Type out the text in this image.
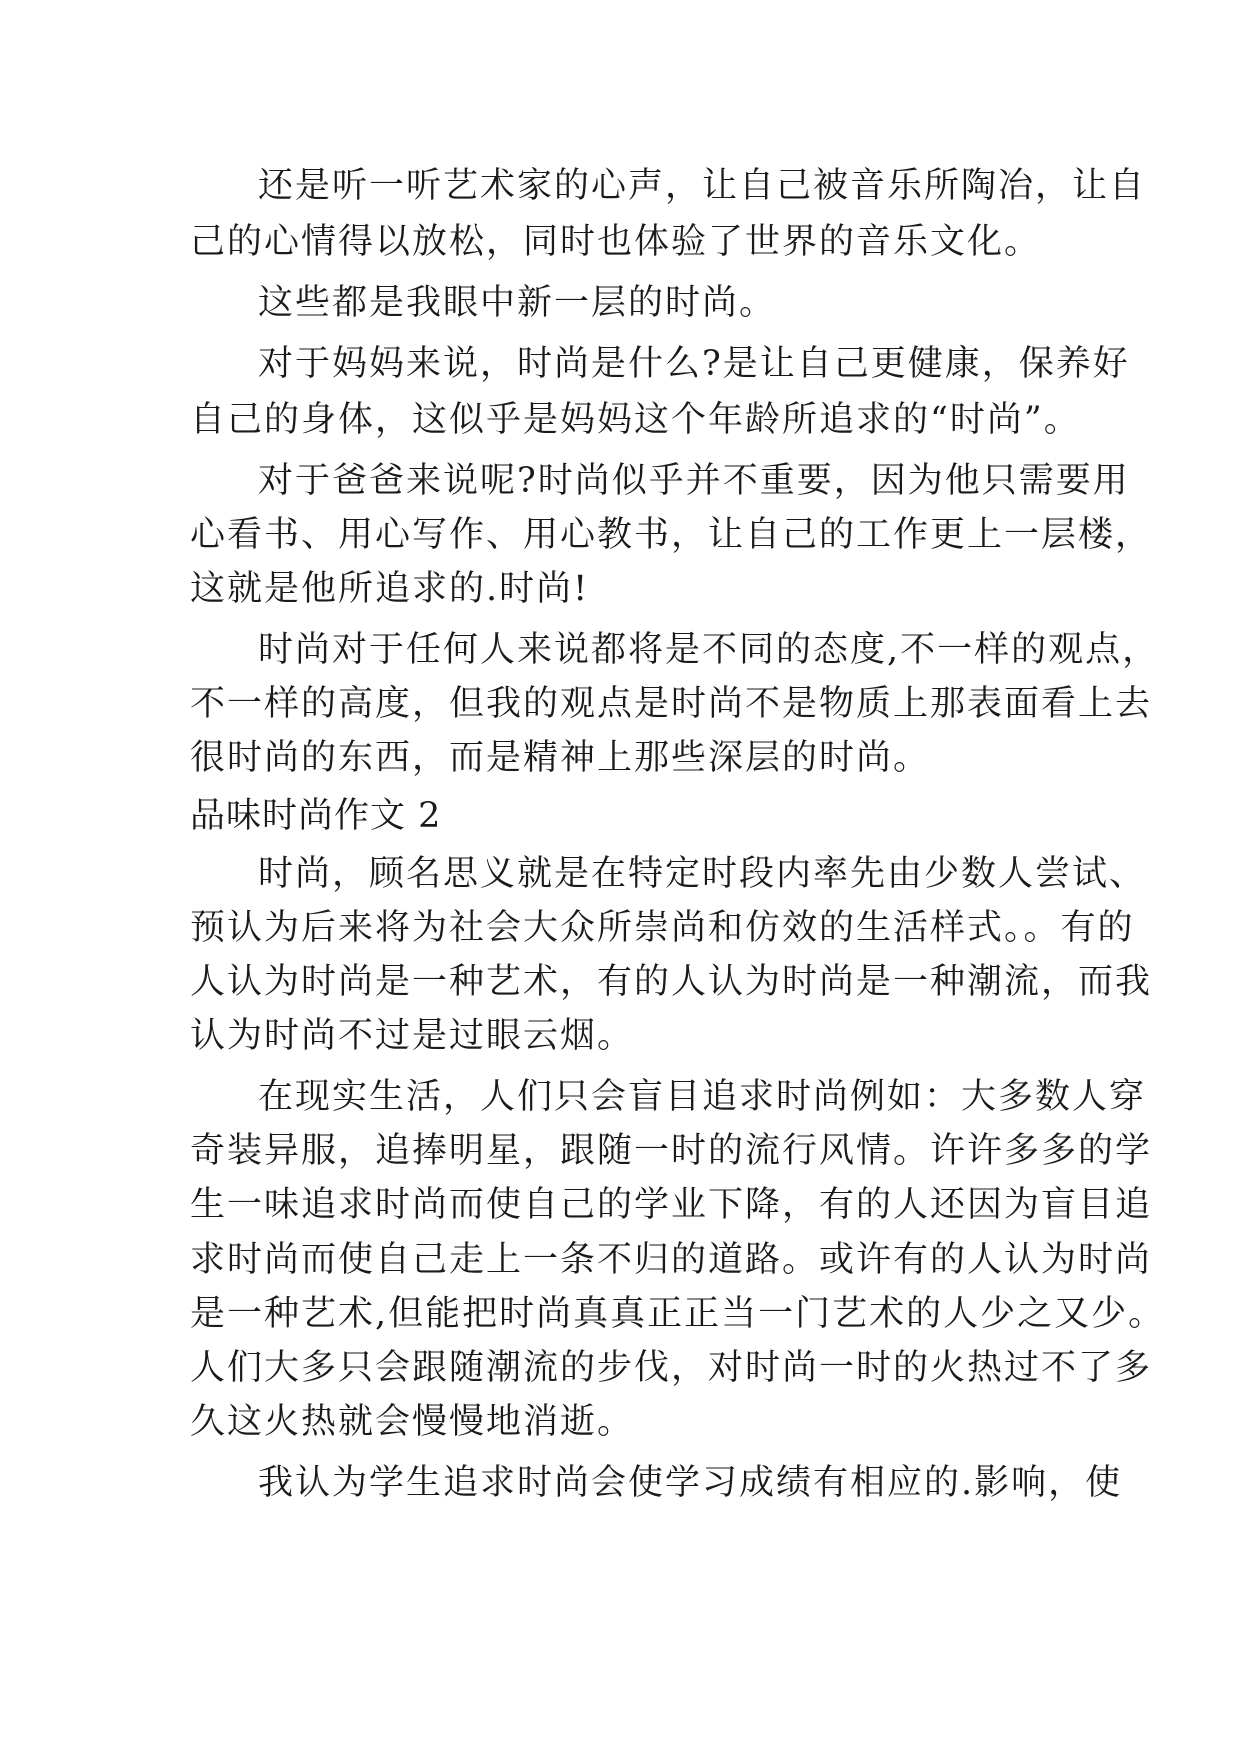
还是听一听艺术家的心声，让自己被音乐所陶冶，让自
己的心情得以放松，同时也体验了世界的音乐文化。
这些都是我眼中新一层的时尚。
对于妈妈来说，时尚是什么?是让自己更健康，保养好
自己的身体，这似乎是妈妈这个年龄所追求的“时尚”。
对于爸爸来说呢?时尚似乎并不重要，因为他只需要用
心看书、用心写作、用心教书，让自己的工作更上一层楼，
这就是他所追求的.时尚!
时尚对于任何人来说都将是不同的态度,不一样的观点，
不一样的高度，但我的观点是时尚不是物质上那表面看上去
很时尚的东西，而是精神上那些深层的时尚。
品味时尚作文 2
时尚，顾名思义就是在特定时段内率先由少数人尝试、
预认为后来将为社会大众所崇尚和仿效的生活样式。。有的
人认为时尚是一种艺术，有的人认为时尚是一种潮流，而我
认为时尚不过是过眼云烟。
在现实生活，人们只会盲目追求时尚例如：大多数人穿
奇装异服，追捧明星，跟随一时的流行风情。许许多多的学
生一味追求时尚而使自己的学业下降，有的人还因为盲目追
求时尚而使自己走上一条不归的道路。或许有的人认为时尚
是一种艺术,但能把时尚真真正正当一门艺术的人少之又少。
人们大多只会跟随潮流的步伐，对时尚一时的火热过不了多
久这火热就会慢慢地消逝。
我认为学生追求时尚会使学习成绩有相应的.影响，使
